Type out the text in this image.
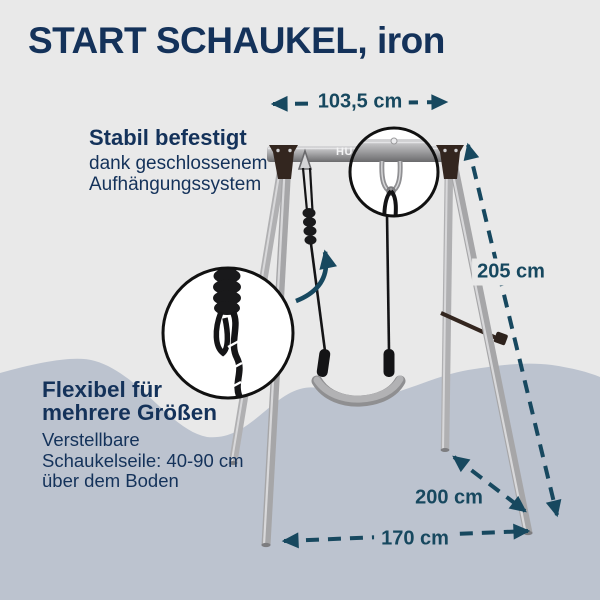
START SCHAUKEL, iron
Stabil befestigt
dank geschlossenem
Aufhängungssystem
Flexibel für
mehrere Größen
Verstellbare
Schaukelseile: 40-90 cm
über dem Boden
103,5 cm
205 cm
200 cm
170 cm
HU
